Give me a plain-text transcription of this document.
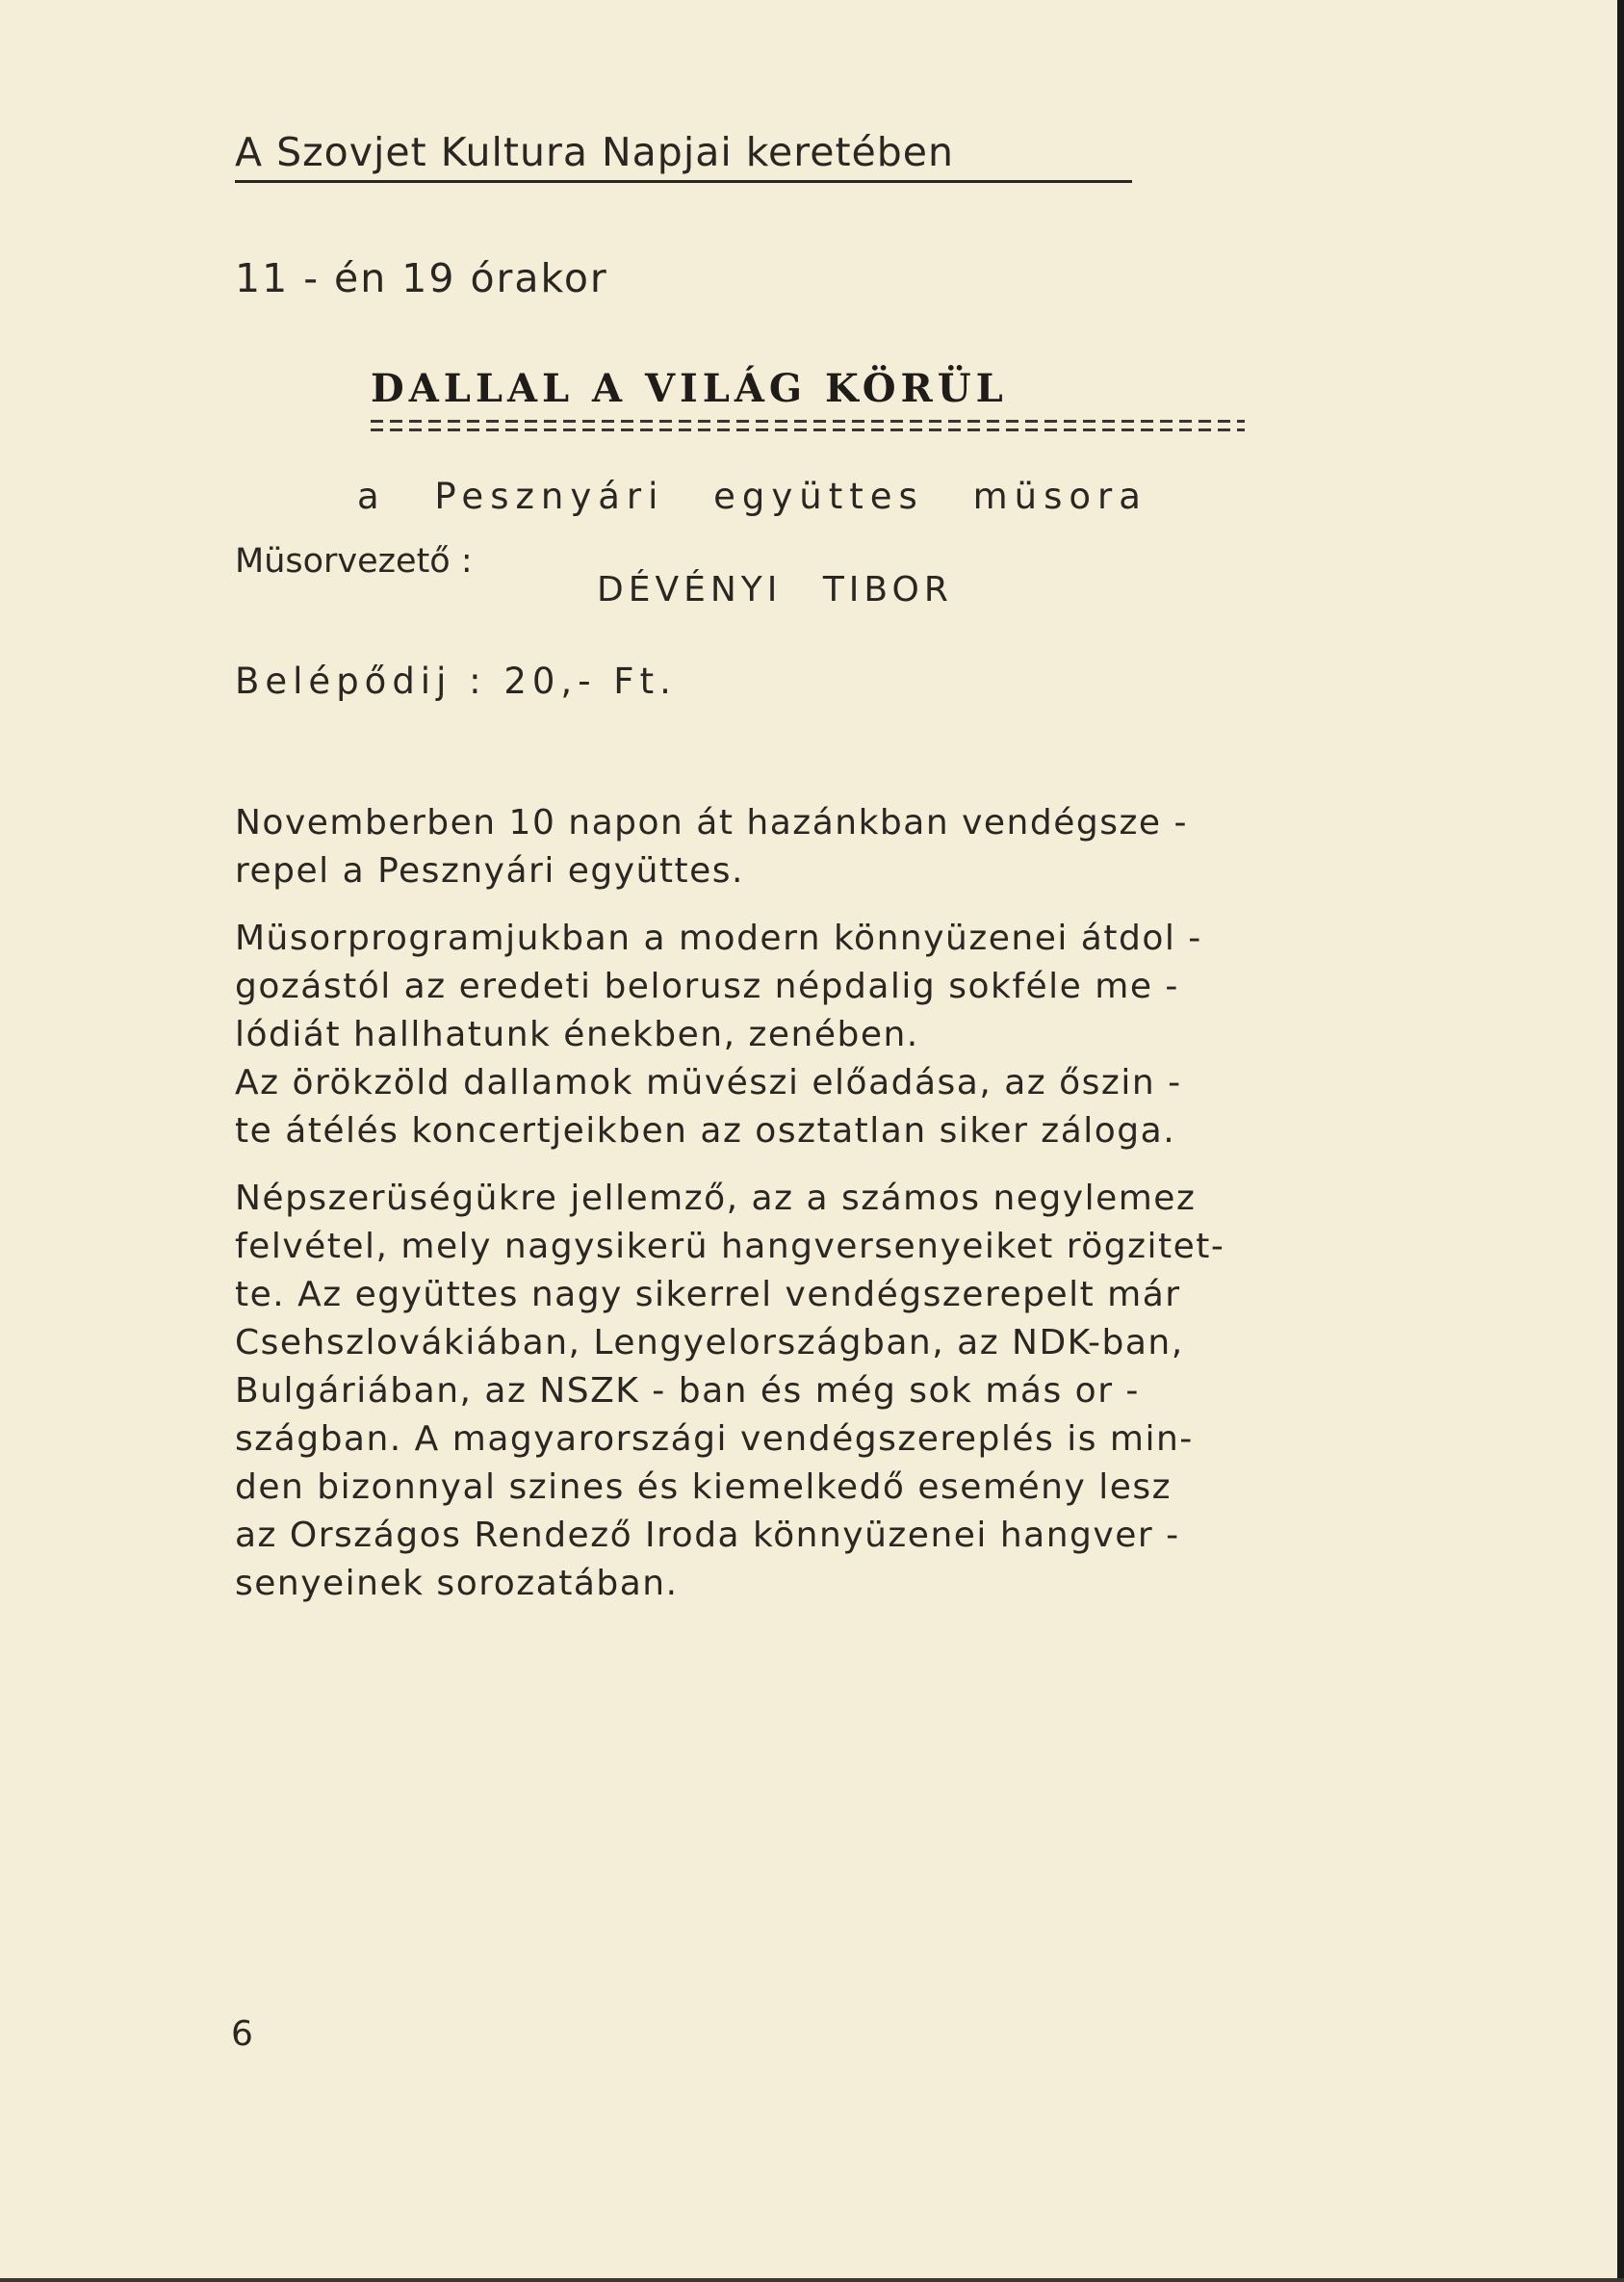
A Szovjet Kultura Napjai keretében
11 - én 19 órakor
DALLAL A VILÁG KÖRÜL
a Pesznyári együttes müsora
Müsorvezető :
DÉVÉNYI TIBOR
Belépődij : 20,- Ft.
Novemberben 10 napon át hazánkban vendégsze -
repel a Pesznyári együttes.
Müsorprogramjukban a modern könnyüzenei átdol -
gozástól az eredeti belorusz népdalig sokféle me -
lódiát hallhatunk énekben, zenében.
Az örökzöld dallamok müvészi előadása, az őszin -
te átélés koncertjeikben az osztatlan siker záloga.
Népszerüségükre jellemző, az a számos negylemez
felvétel, mely nagysikerü hangversenyeiket rögzitet-
te. Az együttes nagy sikerrel vendégszerepelt már
Csehszlovákiában, Lengyelországban, az NDK-ban,
Bulgáriában, az NSZK - ban és még sok más or -
szágban. A magyarországi vendégszereplés is min-
den bizonnyal szines és kiemelkedő esemény lesz
az Országos Rendező Iroda könnyüzenei hangver -
senyeinek sorozatában.
6
